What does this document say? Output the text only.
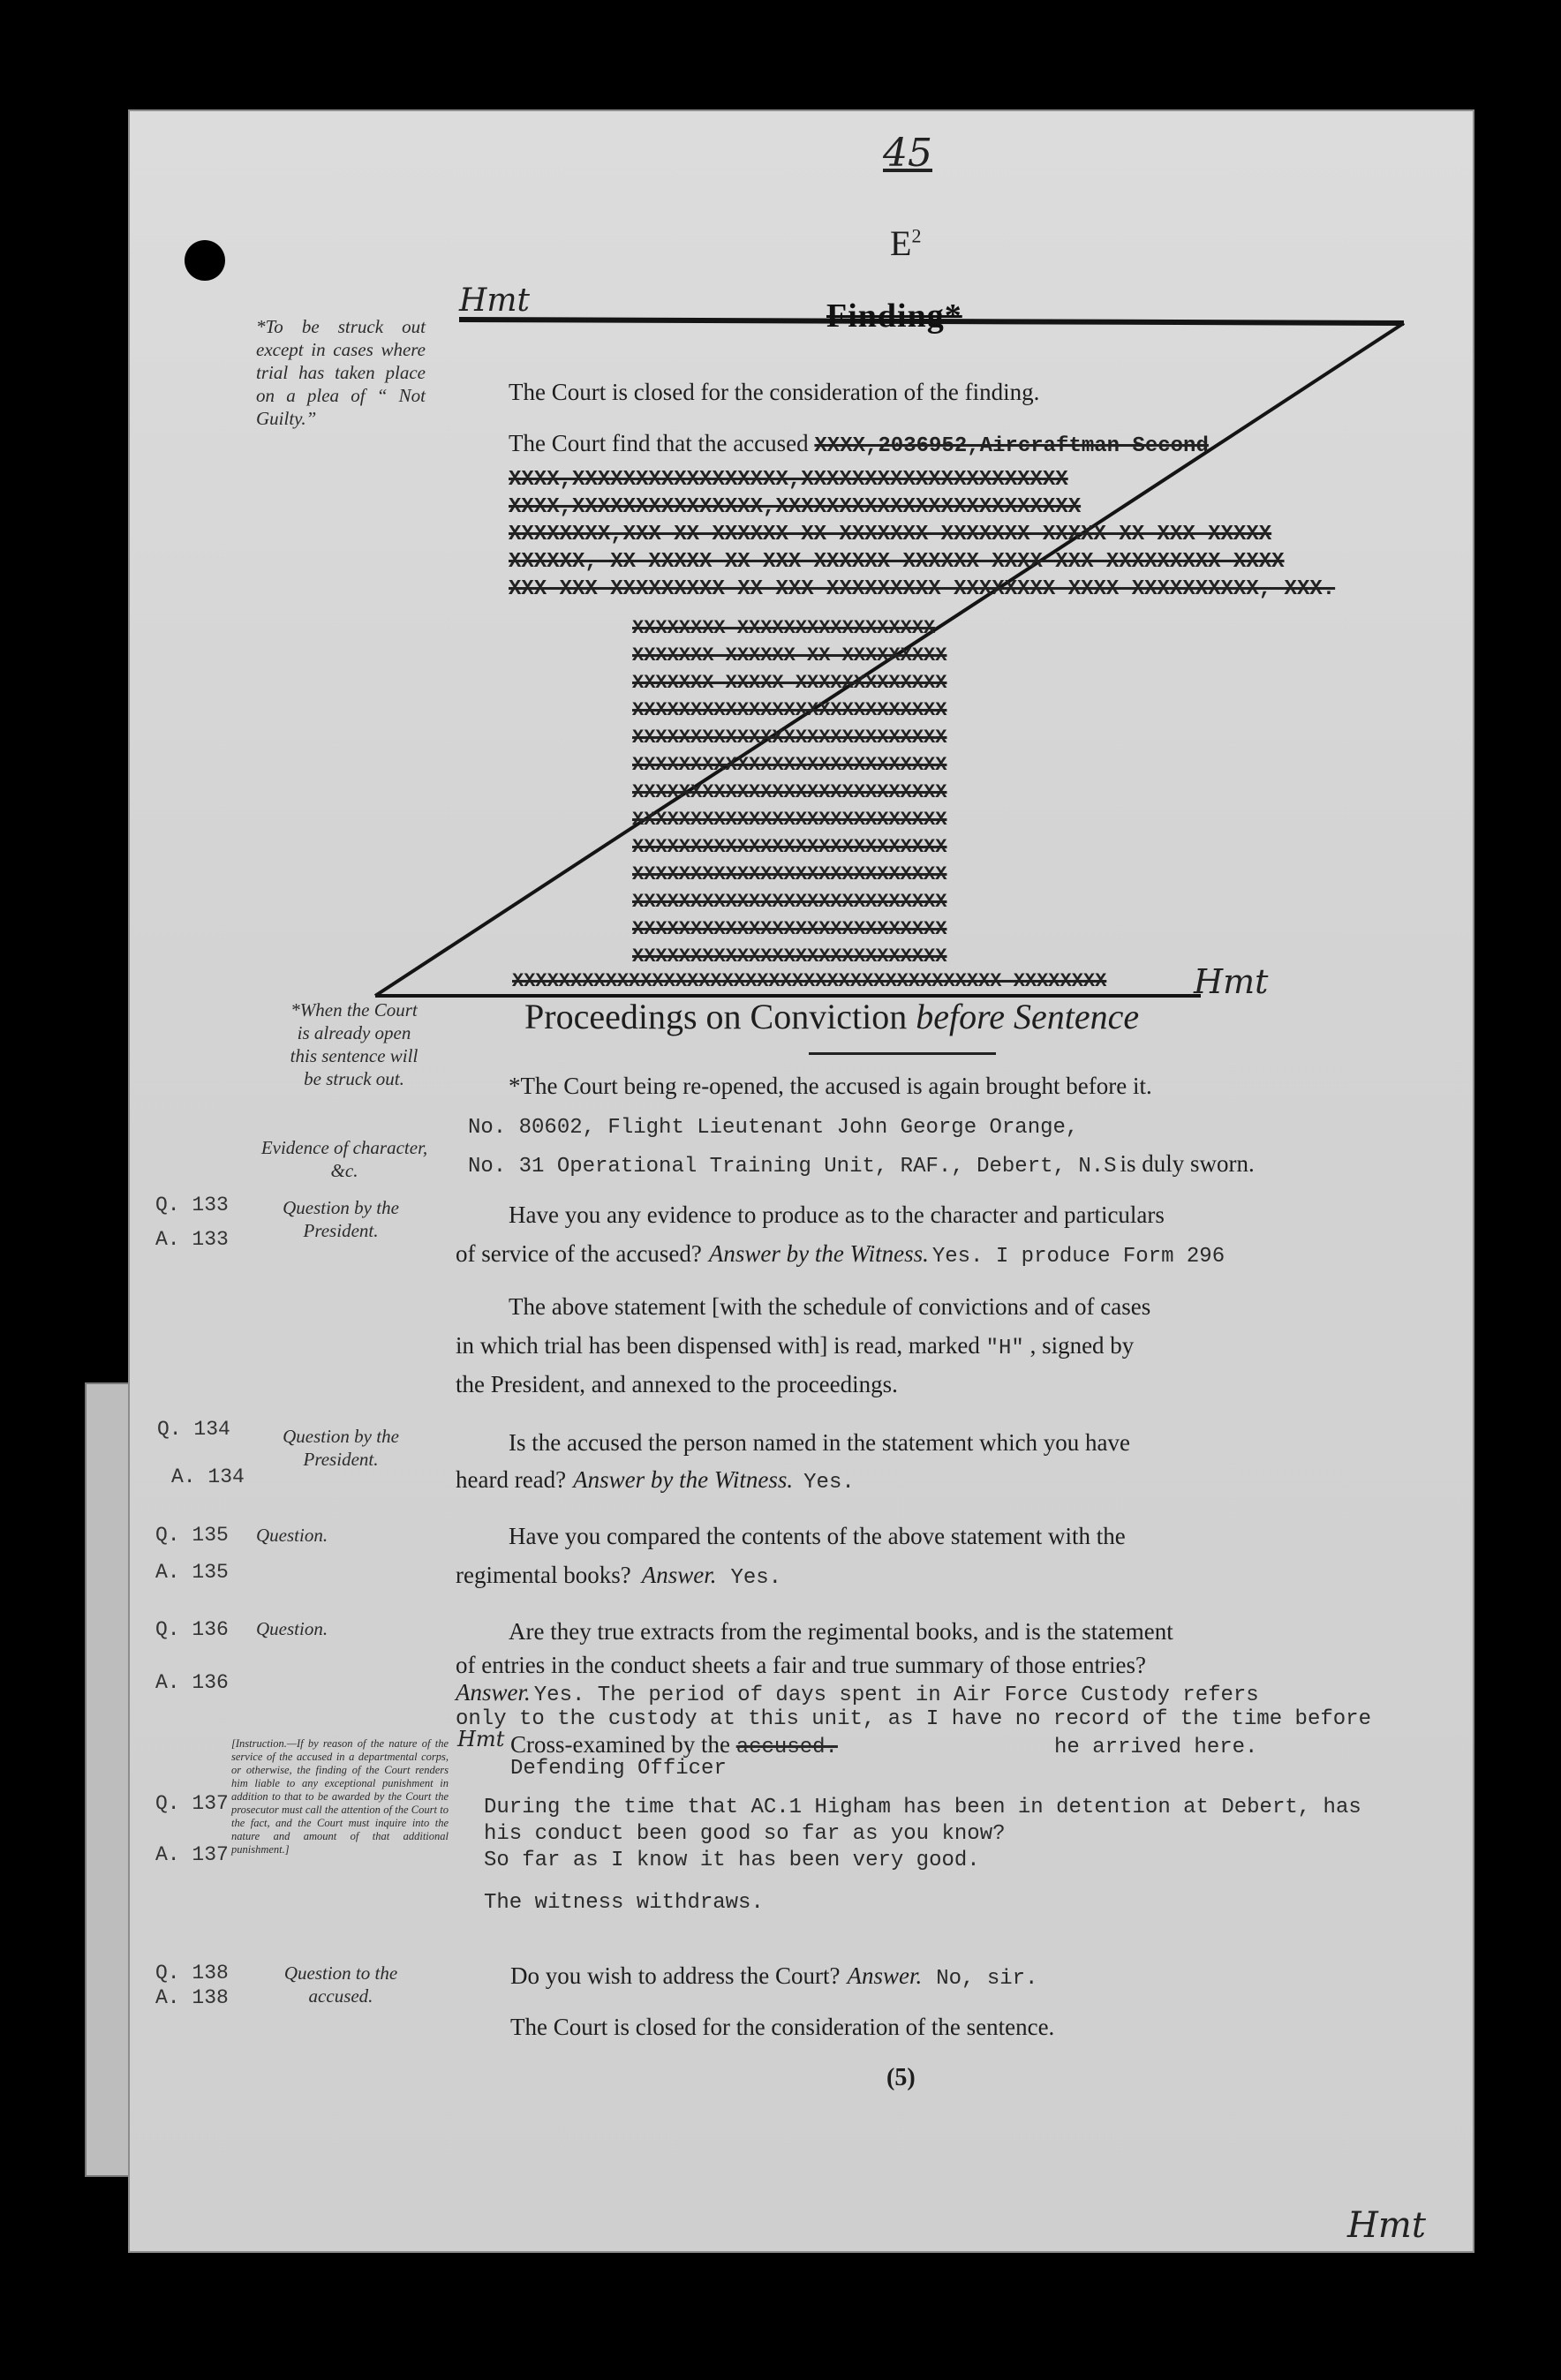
45
$E^2$
Hmt	Finding*
*To be struck out except in cases where trial has taken place on a plea of “ Not Guilty.”
The Court is closed for the consideration of the finding.
The Court find that the accused XXXX,2036952,Aircraftman Second
XXXX,XXXXXXXXXXXXXXXXX,XXXXXXXXXXXXXXXXXXXXX
XXXX,XXXXXXXXXXXXXXX,XXXXXXXXXXXXXXXXXXXXXXXX
XXXXXXXX,XXX XX XXXXXX XX XXXXXXX XXXXXXX XXXXX XX XXX XXXXX
XXXXXX, XX XXXXX XX XXX XXXXXX XXXXXX XXXX XXX XXXXXXXXX XXXX
XXX XXX XXXXXXXXX XX XXX XXXXXXXXX XXXXXXXX XXXX XXXXXXXXXX, XXX.
XXXXXXXX XXXXXXXXXXXXXXXXX
XXXXXXX XXXXXX XX XXXXXXXXX
XXXXXXX XXXXX XXXXXXXXXXXXX
XXXXXXXXXXXXXXXXXXXXXXXXXXX
XXXXXXXXXXXXXXXXXXXXXXXXXXX
XXXXXXXXXXXXXXXXXXXXXXXXXXX
XXXXXXXXXXXXXXXXXXXXXXXXXXX
XXXXXXXXXXXXXXXXXXXXXXXXXXX
XXXXXXXXXXXXXXXXXXXXXXXXXXX
XXXXXXXXXXXXXXXXXXXXXXXXXXX
XXXXXXXXXXXXXXXXXXXXXXXXXXX
XXXXXXXXXXXXXXXXXXXXXXXXXXX
XXXXXXXXXXXXXXXXXXXXXXXXXXX
XXXXXXXXXXXXXXXXXXXXXXXXXXXXXXXXXXXXXXXXXX XXXXXXXX	Hmt
Proceedings on Conviction before Sentence
*When the Court is already open this sentence will be struck out.
Evidence of character, &c.
*The Court being re-opened, the accused is again brought before it.
No. 80602, Flight Lieutenant John George Orange,
No. 31 Operational Training Unit, RAF., Debert, N.S is duly sworn.
Q. 133
A. 133
Question by the President.
Have you any evidence to produce as to the character and particulars
of service of the accused? Answer by the Witness. Yes. I produce Form 296
The above statement [with the schedule of convictions and of cases
in which trial has been dispensed with] is read, marked "H" , signed by
the President, and annexed to the proceedings.
Q. 134
A. 134
Question by the President.
Is the accused the person named in the statement which you have
heard read? Answer by the Witness. Yes.
Q. 135
A. 135
Question.	Have you compared the contents of the above statement with the
regimental books? Answer. Yes.
Q. 136
A. 136
Question.	Are they true extracts from the regimental books, and is the statement
of entries in the conduct sheets a fair and true summary of those entries?
Answer. Yes. The period of days spent in Air Force Custody refers
only to the custody at this unit, as I have no record of the time before
he arrived here.
[Instruction.—If by reason of the nature of the service of the accused in a departmental corps, or otherwise, the finding of the Court renders him liable to any exceptional punishment in addition to that to be awarded by the Court the prosecutor must call the attention of the Court to the fact, and the Court must inquire into the nature and amount of that additional punishment.]
Hmt Cross-examined by the accused.
Defending Officer
Q. 137
A. 137
During the time that AC.1 Higham has been in detention at Debert, has
his conduct been good so far as you know?
So far as I know it has been very good.
The witness withdraws.
Q. 138
A. 138
Question to the accused.
Do you wish to address the Court? Answer. No, sir.
The Court is closed for the consideration of the sentence.
(5)
Hmt
